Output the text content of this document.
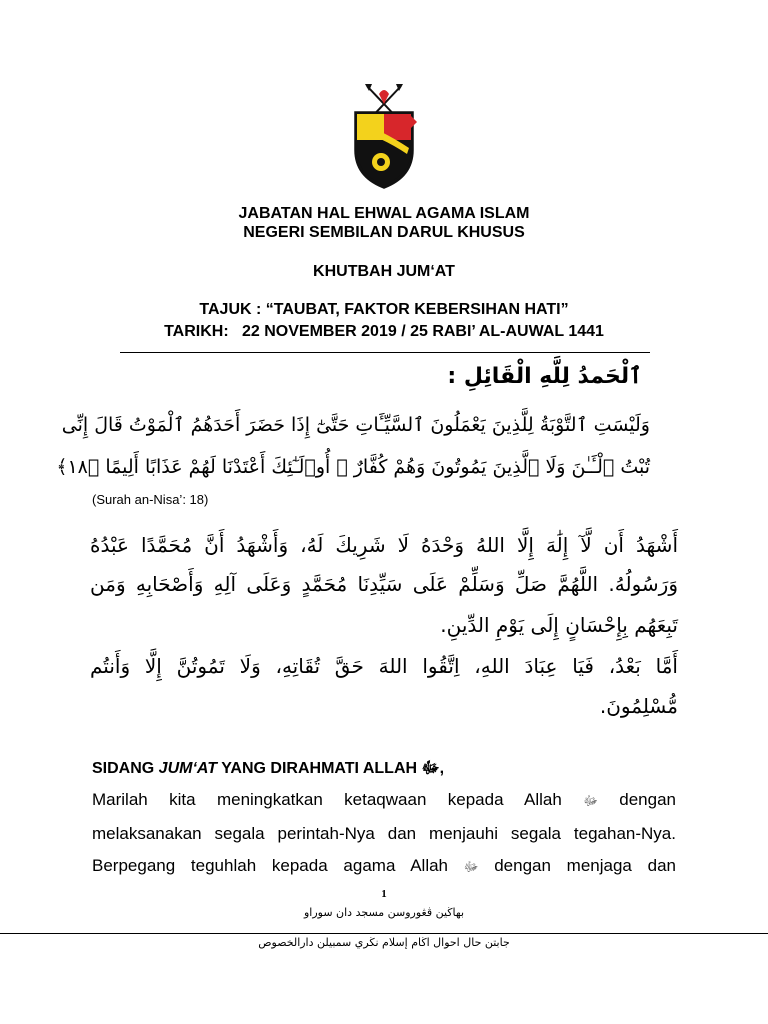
JABATAN HAL EHWAL AGAMA ISLAM
NEGERI SEMBILAN DARUL KHUSUS
KHUTBAH JUM‘AT
TAJUK : “TAUBAT, FAKTOR KEBERSIHAN HATI”
TARIKH:   22 NOVEMBER 2019 / 25 RABI’ AL-AUWAL 1441
ٱلْحَمدُ لِلَّهِ الْقَائِلِ :
وَلَيْسَتِ ٱلتَّوْبَةُ لِلَّذِينَ يَعْمَلُونَ ٱلسَّيِّـَٔاتِ حَتَّىٰٓ إِذَا حَضَرَ أَحَدَهُمُ ٱلْمَوْتُ قَالَ إِنِّى
تُبْتُ ٱلْـَٔـٰنَ وَلَا ٱلَّذِينَ يَمُوتُونَ وَهُمْ كُفَّارٌ ۚ أُو۟لَـٰٓئِكَ أَعْتَدْنَا لَهُمْ عَذَابًا أَلِيمًا ﴿١٨﴾
(Surah an-Nisa’: 18)
أَشْهَدُ أَن لَّآ إِلَٰهَ إِلَّا اللهُ وَحْدَهُ لَا شَرِيكَ لَهُ، وَأَشْهَدُ أَنَّ مُحَمَّدًا عَبْدُهُ
وَرَسُولُهُ. اللَّهُمَّ صَلِّ وَسَلِّمْ عَلَى سَيِّدِنَا مُحَمَّدٍ وَعَلَى آلِهِ وَأَصْحَابِهِ وَمَن
تَبِعَهُم بِإِحْسَانٍ إِلَى يَوْمِ الدِّينِ.
أَمَّا بَعْدُ، فَيَا عِبَادَ اللهِ، اِتَّقُوا اللهَ حَقَّ تُقَاتِهِ، وَلَا تَمُوتُنَّ إِلَّا وَأَنتُم
مُّسْلِمُونَ.
SIDANG JUM‘AT YANG DIRAHMATI ALLAH ﷻ,
Marilah kita meningkatkan ketaqwaan kepada Allah ﷻ dengan
melaksanakan segala perintah-Nya dan menjauhi segala tegahan-Nya.
Berpegang teguhlah kepada agama Allah ﷻ dengan menjaga dan
1
بهاڬين ڤڠوروسن مسجد دان سوراو
جابتن حال احوال اڬام إسلام نڬري سمبيلن دارالخصوص
